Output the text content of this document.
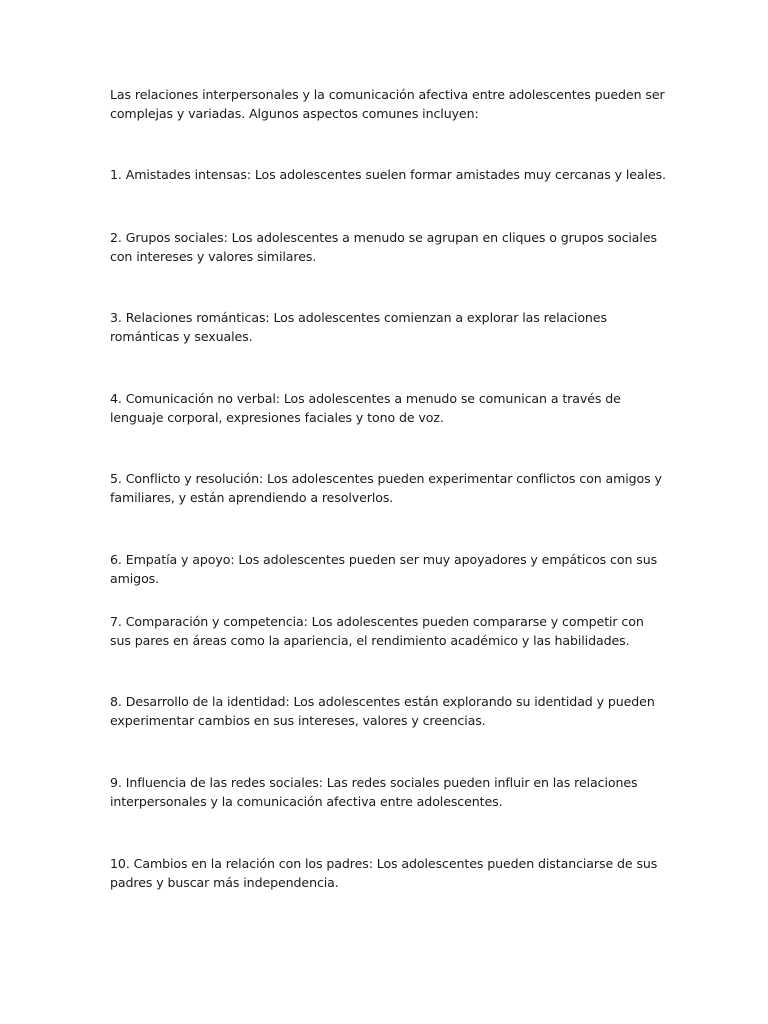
Las relaciones interpersonales y la comunicación afectiva entre adolescentes pueden ser complejas y variadas. Algunos aspectos comunes incluyen:

1. Amistades intensas: Los adolescentes suelen formar amistades muy cercanas y leales.

2. Grupos sociales: Los adolescentes a menudo se agrupan en cliques o grupos sociales con intereses y valores similares.

3. Relaciones románticas: Los adolescentes comienzan a explorar las relaciones románticas y sexuales.

4. Comunicación no verbal: Los adolescentes a menudo se comunican a través de lenguaje corporal, expresiones faciales y tono de voz.

5. Conflicto y resolución: Los adolescentes pueden experimentar conflictos con amigos y familiares, y están aprendiendo a resolverlos.

6. Empatía y apoyo: Los adolescentes pueden ser muy apoyadores y empáticos con sus amigos.

7. Comparación y competencia: Los adolescentes pueden compararse y competir con sus pares en áreas como la apariencia, el rendimiento académico y las habilidades.

8. Desarrollo de la identidad: Los adolescentes están explorando su identidad y pueden experimentar cambios en sus intereses, valores y creencias.

9. Influencia de las redes sociales: Las redes sociales pueden influir en las relaciones interpersonales y la comunicación afectiva entre adolescentes.

10. Cambios en la relación con los padres: Los adolescentes pueden distanciarse de sus padres y buscar más independencia.
